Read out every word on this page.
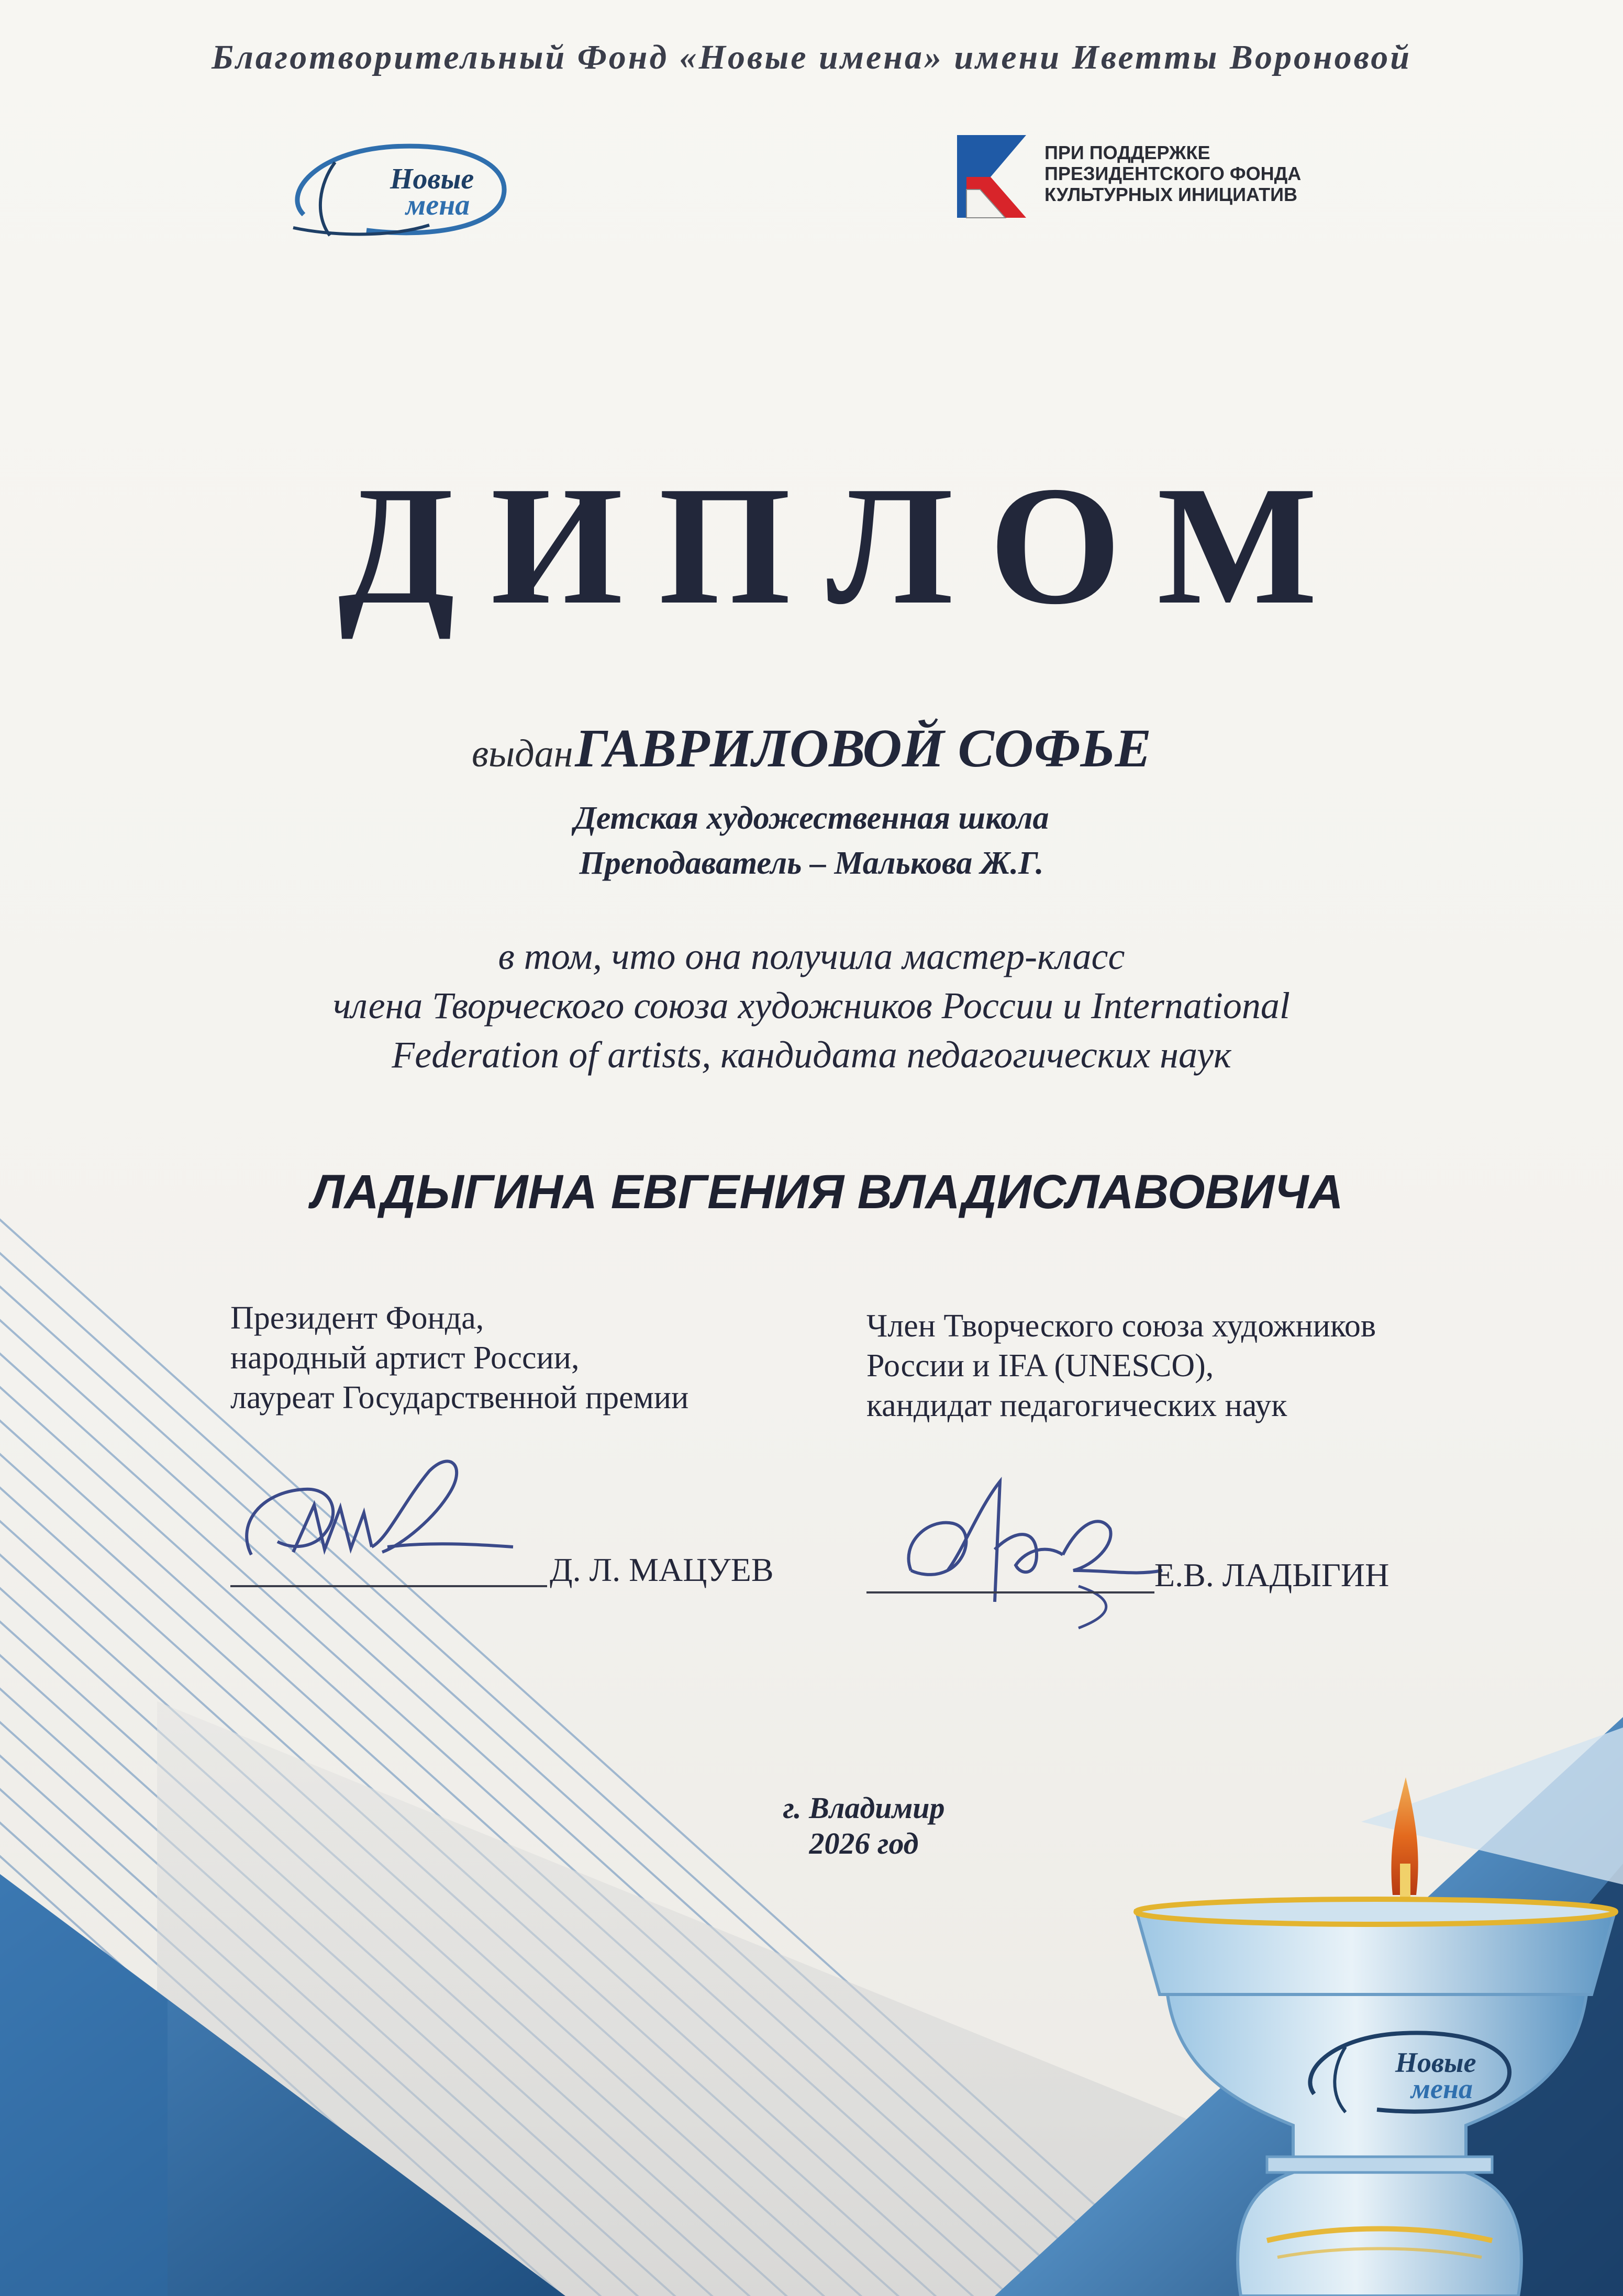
Благотворительный Фонд «Новые имена» имени Иветты Вороновой

Новые
мена
ПРИ ПОДДЕРЖКЕ
ПРЕЗИДЕНТСКОГО ФОНДА
КУЛЬТУРНЫХ ИНИЦИАТИВ
ДИПЛОМ

выдан ГАВРИЛОВОЙ СОФЬЕ

Детская художественная школа
Преподаватель – Малькова Ж.Г.
в том, что она получила мастер-класс
члена Творческого союза художников России и International
Federation of artists, кандидата педагогических наук

ЛАДЫГИНА ЕВГЕНИЯ ВЛАДИСЛАВОВИЧА

Президент Фонда,
народный артист России,
лауреат Государственной премии

Д. Л. МАЦУЕВ

Член Творческого союза художников
России и IFA (UNESCO),
кандидат педагогических наук

Е.В. ЛАДЫГИН

г. Владимир
2026 год
Новые
мена
